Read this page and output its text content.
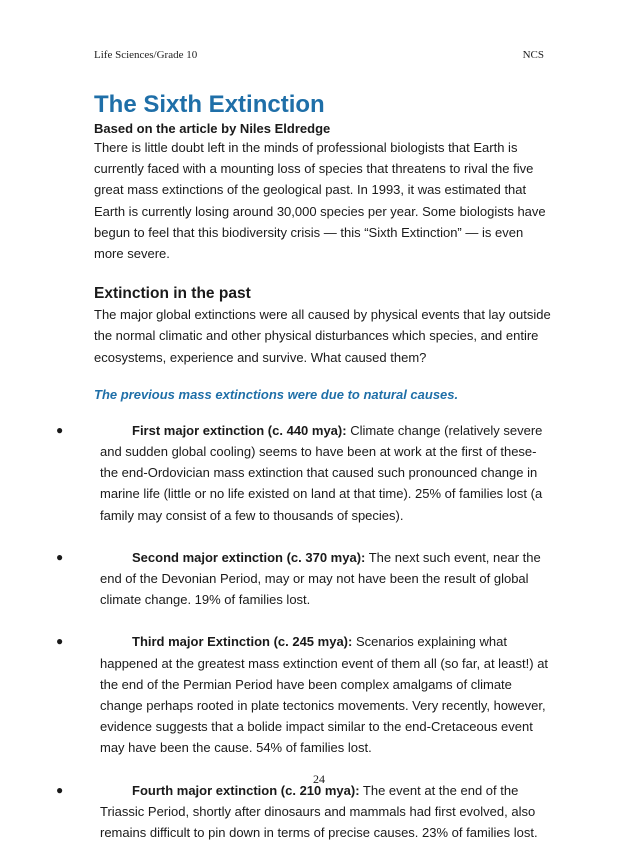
Life Sciences/Grade 10	NCS
The Sixth Extinction

Based on the article by Niles Eldredge

There is little doubt left in the minds of professional biologists that Earth is currently faced with a mounting loss of species that threatens to rival the five great mass extinctions of the geological past. In 1993, it was estimated that Earth is currently losing around 30,000 species per year. Some biologists have begun to feel that this biodiversity crisis — this “Sixth Extinction” — is even more severe.

Extinction in the past

The major global extinctions were all caused by physical events that lay outside the normal climatic and other physical disturbances which species, and entire ecosystems, experience and survive. What caused them?

The previous mass extinctions were due to natural causes.

●	First major extinction (c. 440 mya): Climate change (relatively severe and sudden global cooling) seems to have been at work at the first of these-the end-Ordovician mass extinction that caused such pronounced change in marine life (little or no life existed on land at that time). 25% of families lost (a family may consist of a few to thousands of species).
●	Second major extinction (c. 370 mya): The next such event, near the end of the Devonian Period, may or may not have been the result of global climate change. 19% of families lost.
●	Third major Extinction (c. 245 mya): Scenarios explaining what happened at the greatest mass extinction event of them all (so far, at least!) at the end of the Permian Period have been complex amalgams of climate change perhaps rooted in plate tectonics movements. Very recently, however, evidence suggests that a bolide impact similar to the end-Cretaceous event may have been the cause. 54% of families lost.
●	Fourth major extinction (c. 210 mya): The event at the end of the Triassic Period, shortly after dinosaurs and mammals had first evolved, also remains difficult to pin down in terms of precise causes. 23% of families lost.
24
